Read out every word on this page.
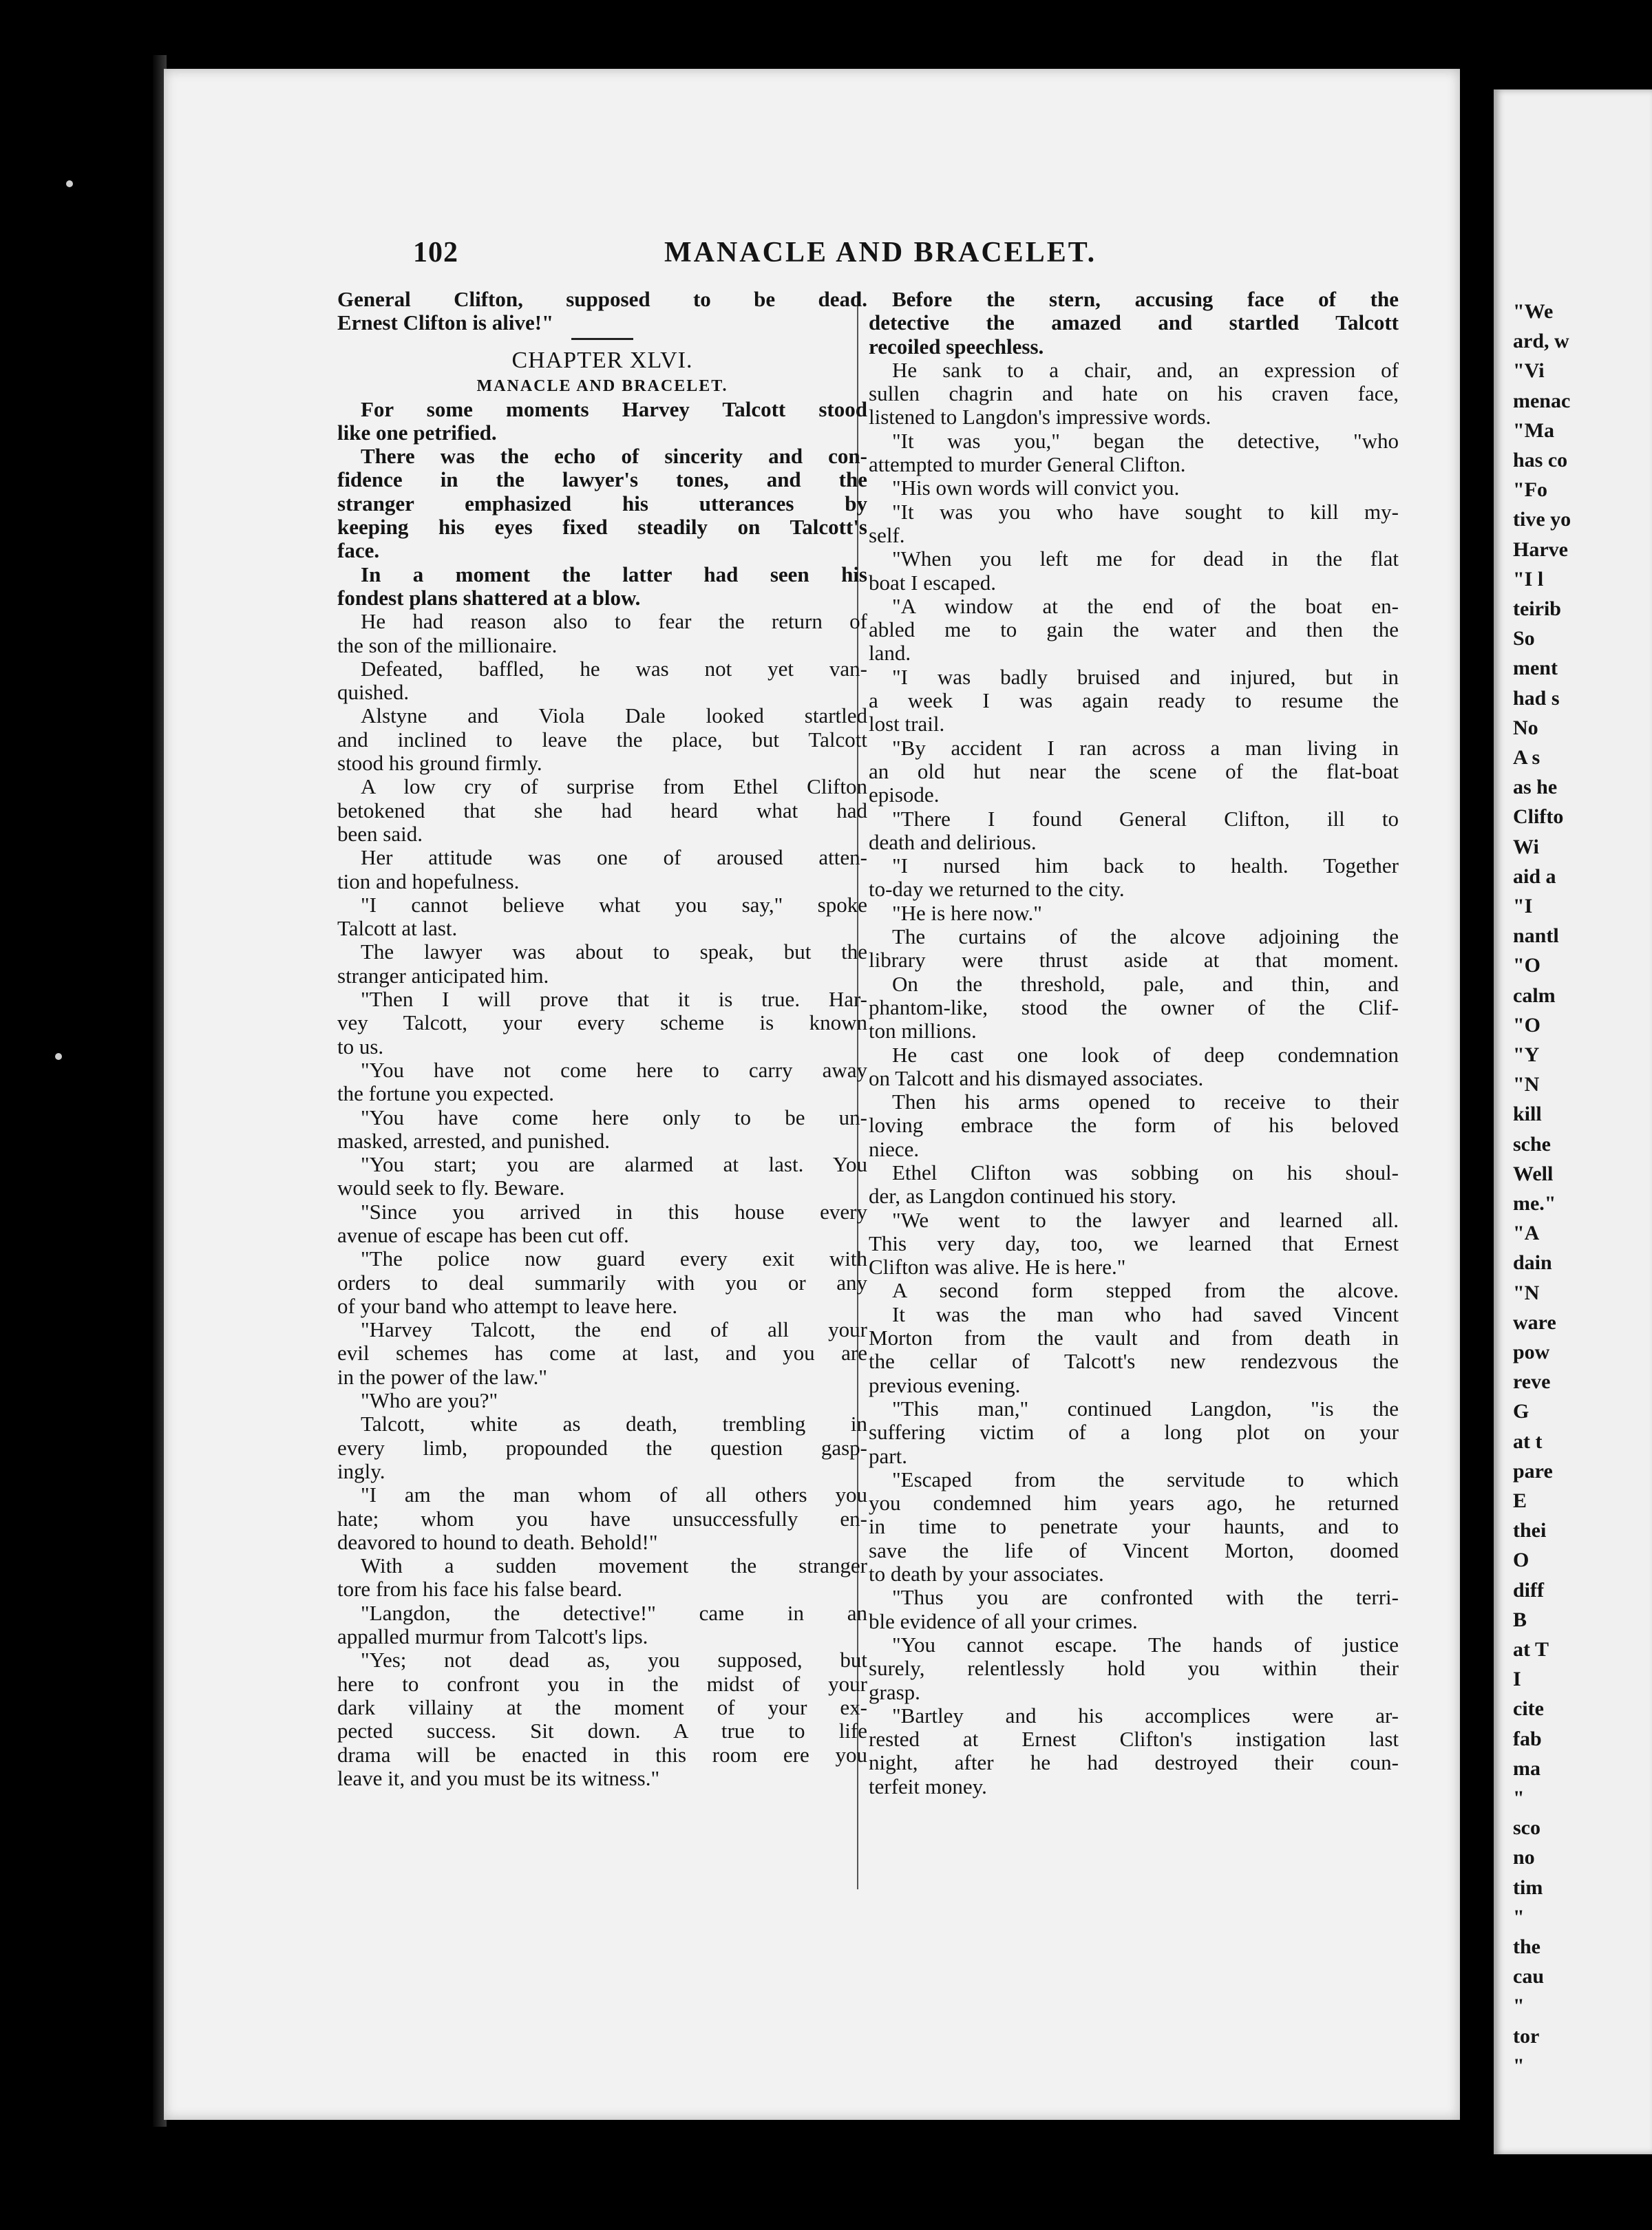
"We
ard, w
"Vi
menac
"Ma
has co
"Fo
tive yo
Harve
"I l
teirib
So
ment
had s
No
A s
as he
Clifto
Wi
aid a
"I
nantl
"O
calm
"O
"Y
"N
kill
sche
Well
me."
"A
dain
"N
ware
pow
reve
G
at t
pare
E
thei
O
diff
B
at T
I
cite
fab
ma
"
sco
no
tim
"
the
cau
"
tor
"
102	MANACLE AND BRACELET.
General Clifton, supposed to be dead.
Ernest Clifton is alive!"
CHAPTER XLVI.
MANACLE AND BRACELET.
For some moments Harvey Talcott stood
like one petrified.
There was the echo of sincerity and con-
fidence in the lawyer's tones, and the
stranger emphasized his utterances by
keeping his eyes fixed steadily on Talcott's
face.
In a moment the latter had seen his
fondest plans shattered at a blow.
He had reason also to fear the return of
the son of the millionaire.
Defeated, baffled, he was not yet van-
quished.
Alstyne and Viola Dale looked startled
and inclined to leave the place, but Talcott
stood his ground firmly.
A low cry of surprise from Ethel Clifton
betokened that she had heard what had
been said.
Her attitude was one of aroused atten-
tion and hopefulness.
"I cannot believe what you say," spoke
Talcott at last.
The lawyer was about to speak, but the
stranger anticipated him.
"Then I will prove that it is true. Har-
vey Talcott, your every scheme is known
to us.
"You have not come here to carry away
the fortune you expected.
"You have come here only to be un-
masked, arrested, and punished.
"You start; you are alarmed at last. You
would seek to fly. Beware.
"Since you arrived in this house every
avenue of escape has been cut off.
"The police now guard every exit with
orders to deal summarily with you or any
of your band who attempt to leave here.
"Harvey Talcott, the end of all your
evil schemes has come at last, and you are
in the power of the law."
"Who are you?"
Talcott, white as death, trembling in
every limb, propounded the question gasp-
ingly.
"I am the man whom of all others you
hate; whom you have unsuccessfully en-
deavored to hound to death. Behold!"
With a sudden movement the stranger
tore from his face his false beard.
"Langdon, the detective!" came in an
appalled murmur from Talcott's lips.
"Yes; not dead as, you supposed, but
here to confront you in the midst of your
dark villainy at the moment of your ex-
pected success. Sit down. A true to life
drama will be enacted in this room ere you
leave it, and you must be its witness."
Before the stern, accusing face of the
detective the amazed and startled Talcott
recoiled speechless.
He sank to a chair, and, an expression of
sullen chagrin and hate on his craven face,
listened to Langdon's impressive words.
"It was you," began the detective, "who
attempted to murder General Clifton.
"His own words will convict you.
"It was you who have sought to kill my-
self.
"When you left me for dead in the flat
boat I escaped.
"A window at the end of the boat en-
abled me to gain the water and then the
land.
"I was badly bruised and injured, but in
a week I was again ready to resume the
lost trail.
"By accident I ran across a man living in
an old hut near the scene of the flat-boat
episode.
"There I found General Clifton, ill to
death and delirious.
"I nursed him back to health. Together
to-day we returned to the city.
"He is here now."
The curtains of the alcove adjoining the
library were thrust aside at that moment.
On the threshold, pale, and thin, and
phantom-like, stood the owner of the Clif-
ton millions.
He cast one look of deep condemnation
on Talcott and his dismayed associates.
Then his arms opened to receive to their
loving embrace the form of his beloved
niece.
Ethel Clifton was sobbing on his shoul-
der, as Langdon continued his story.
"We went to the lawyer and learned all.
This very day, too, we learned that Ernest
Clifton was alive. He is here."
A second form stepped from the alcove.
It was the man who had saved Vincent
Morton from the vault and from death in
the cellar of Talcott's new rendezvous the
previous evening.
"This man," continued Langdon, "is the
suffering victim of a long plot on your
part.
"Escaped from the servitude to which
you condemned him years ago, he returned
in time to penetrate your haunts, and to
save the life of Vincent Morton, doomed
to death by your associates.
"Thus you are confronted with the terri-
ble evidence of all your crimes.
"You cannot escape. The hands of justice
surely, relentlessly hold you within their
grasp.
"Bartley and his accomplices were ar-
rested at Ernest Clifton's instigation last
night, after he had destroyed their coun-
terfeit money.
